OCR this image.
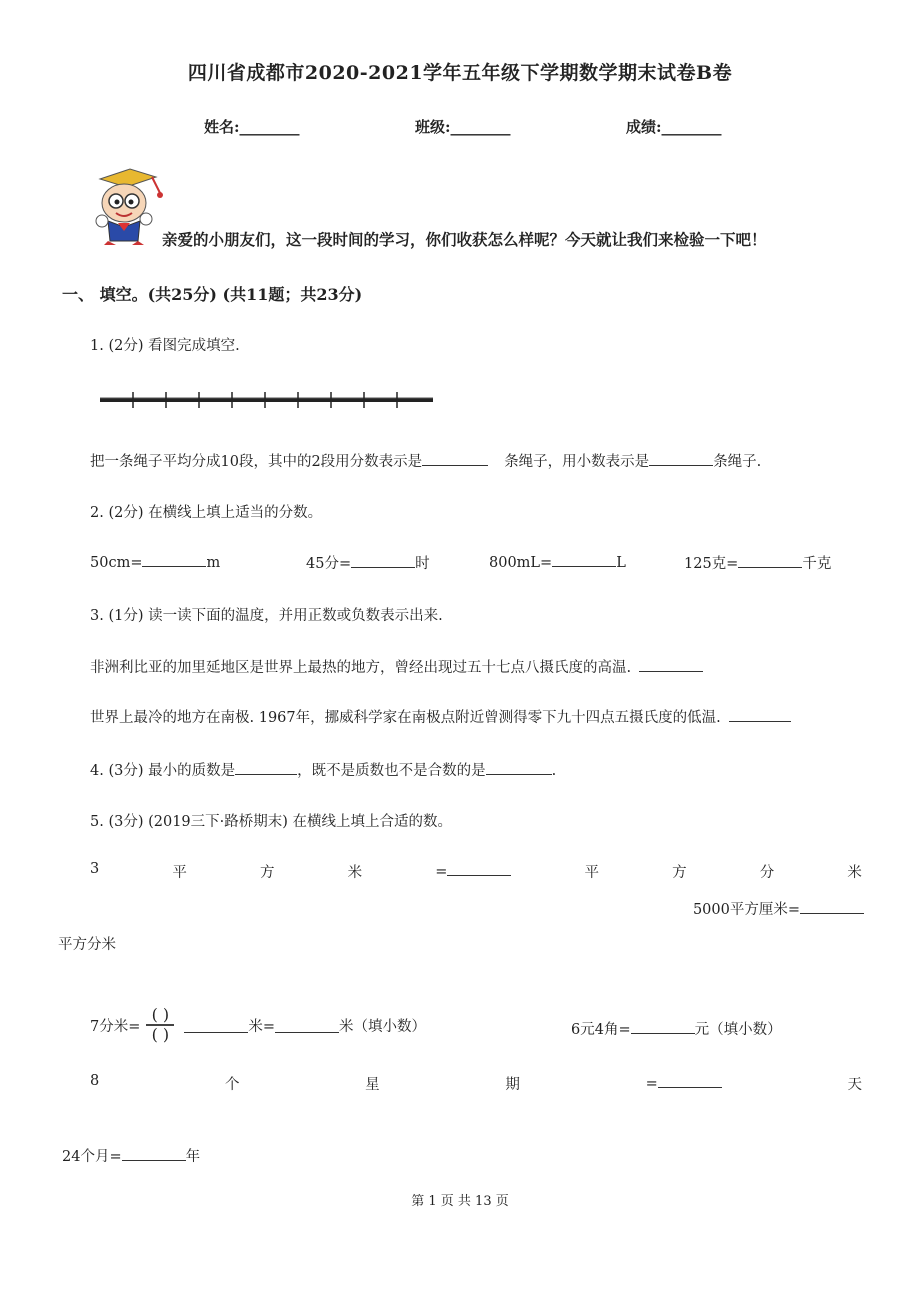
四川省成都市2020-2021学年五年级下学期数学期末试卷B卷
姓名:________	班级:________	成绩:________
亲爱的小朋友们，这一段时间的学习，你们收获怎么样呢？今天就让我们来检验一下吧！
一、 填空。(共25分) (共11题；共23分)
1. (2分) 看图完成填空.
把一条绳子平均分成10段，其中的2段用分数表示是	条绳子，用小数表示是	条绳子.
2. (2分) 在横线上填上适当的分数。
50cm=	m	45分=	时	800mL=	L	125克=	千克
3. (1分) 读一读下面的温度，并用正数或负数表示出来.
非洲利比亚的加里延地区是世界上最热的地方，曾经出现过五十七点八摄氏度的高温.
世界上最冷的地方在南极. 1967年，挪威科学家在南极点附近曾测得零下九十四点五摄氏度的低温.
4. (3分) 最小的质数是	，既不是质数也不是合数的是	.
5. (3分) (2019三下·路桥期末) 在横线上填上合适的数。
3	平	方	米	=	平	方	分	米
5000平方厘米=
平方分米
7分米= $\frac{( )}{( )}$	米=	米（填小数）	6元4角=	元（填小数）
8	个	星	期	=	天
24个月=	年
第 1 页 共 13 页
